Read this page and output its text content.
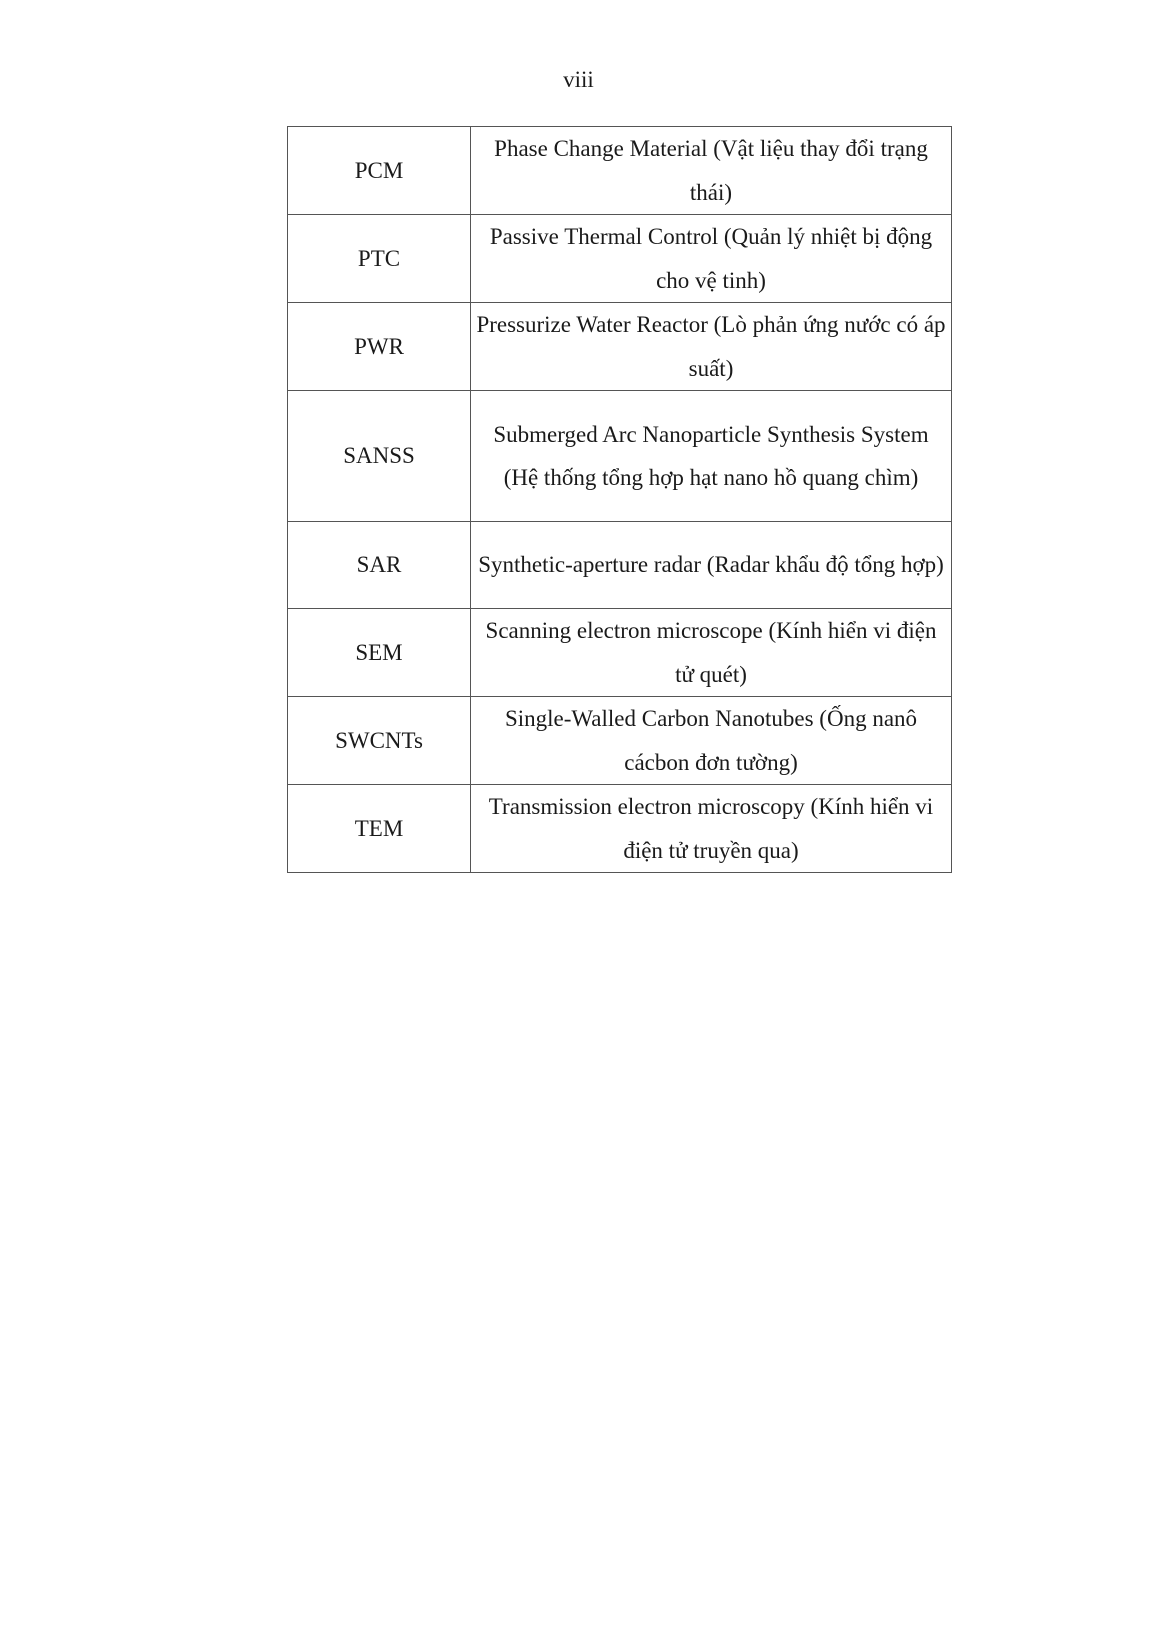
viii
PCM	Phase Change Material (Vật liệu thay đổi trạng thái)
PTC	Passive Thermal Control (Quản lý nhiệt bị động cho vệ tinh)
PWR	Pressurize Water Reactor (Lò phản ứng nước có áp suất)
SANSS	Submerged Arc Nanoparticle Synthesis System (Hệ thống tổng hợp hạt nano hồ quang chìm)
SAR	Synthetic-aperture radar (Radar khẩu độ tổng hợp)
SEM	Scanning electron microscope (Kính hiển vi điện tử quét)
SWCNTs	Single-Walled Carbon Nanotubes (Ống nanô cácbon đơn tường)
TEM	Transmission electron microscopy (Kính hiển vi điện tử truyền qua)
